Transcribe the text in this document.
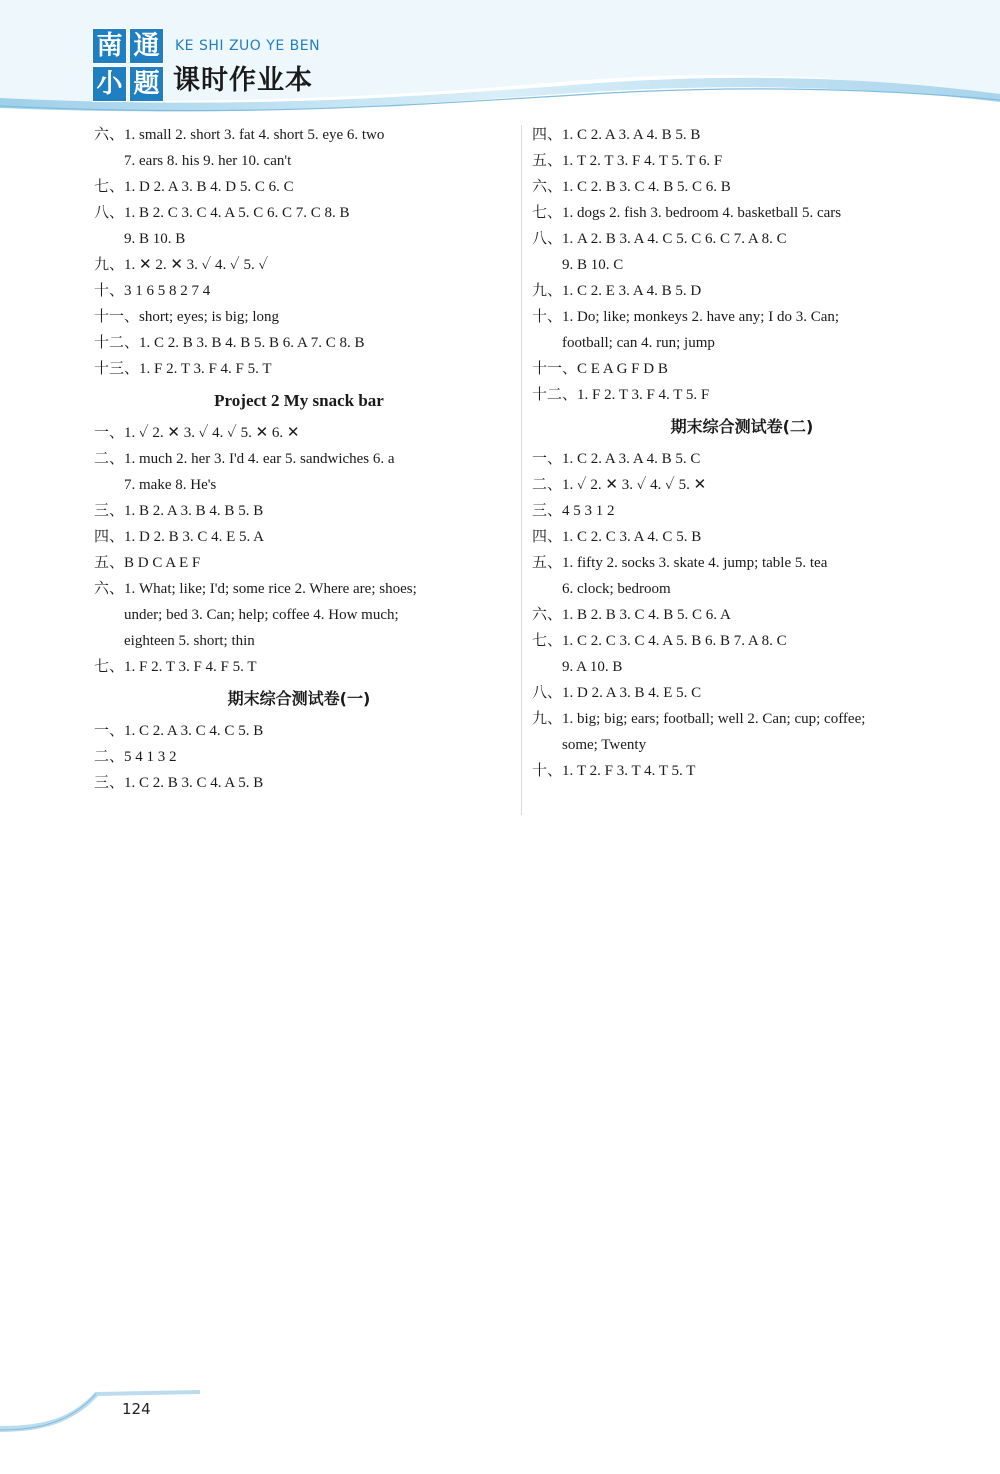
南 通
小 题
KE SHI ZUO YE BEN
课时作业本
六、1. small 2. short 3. fat 4. short 5. eye 6. two
7. ears 8. his 9. her 10. can't
七、1. D 2. A 3. B 4. D 5. C 6. C
八、1. B 2. C 3. C 4. A 5. C 6. C 7. C 8. B
9. B 10. B
九、1. ✕ 2. ✕ 3. ✓ 4. ✓ 5. ✓
十、3 1 6 5 8 2 7 4
十一、short; eyes; is big; long
十二、1. C 2. B 3. B 4. B 5. B 6. A 7. C 8. B
十三、1. F 2. T 3. F 4. F 5. T
Project 2 My snack bar
一、1. ✓ 2. ✕ 3. ✓ 4. ✓ 5. ✕ 6. ✕
二、1. much 2. her 3. I'd 4. ear 5. sandwiches 6. a
7. make 8. He's
三、1. B 2. A 3. B 4. B 5. B
四、1. D 2. B 3. C 4. E 5. A
五、B D C A E F
六、1. What; like; I'd; some rice 2. Where are; shoes;
under; bed 3. Can; help; coffee 4. How much;
eighteen 5. short; thin
七、1. F 2. T 3. F 4. F 5. T
期末综合测试卷(一)
一、1. C 2. A 3. C 4. C 5. B
二、5 4 1 3 2
三、1. C 2. B 3. C 4. A 5. B
四、1. C 2. A 3. A 4. B 5. B
五、1. T 2. T 3. F 4. T 5. T 6. F
六、1. C 2. B 3. C 4. B 5. C 6. B
七、1. dogs 2. fish 3. bedroom 4. basketball 5. cars
八、1. A 2. B 3. A 4. C 5. C 6. C 7. A 8. C
9. B 10. C
九、1. C 2. E 3. A 4. B 5. D
十、1. Do; like; monkeys 2. have any; I do 3. Can;
football; can 4. run; jump
十一、C E A G F D B
十二、1. F 2. T 3. F 4. T 5. F
期末综合测试卷(二)
一、1. C 2. A 3. A 4. B 5. C
二、1. ✓ 2. ✕ 3. ✓ 4. ✓ 5. ✕
三、4 5 3 1 2
四、1. C 2. C 3. A 4. C 5. B
五、1. fifty 2. socks 3. skate 4. jump; table 5. tea
6. clock; bedroom
六、1. B 2. B 3. C 4. B 5. C 6. A
七、1. C 2. C 3. C 4. A 5. B 6. B 7. A 8. C
9. A 10. B
八、1. D 2. A 3. B 4. E 5. C
九、1. big; big; ears; football; well 2. Can; cup; coffee;
some; Twenty
十、1. T 2. F 3. T 4. T 5. T
124
